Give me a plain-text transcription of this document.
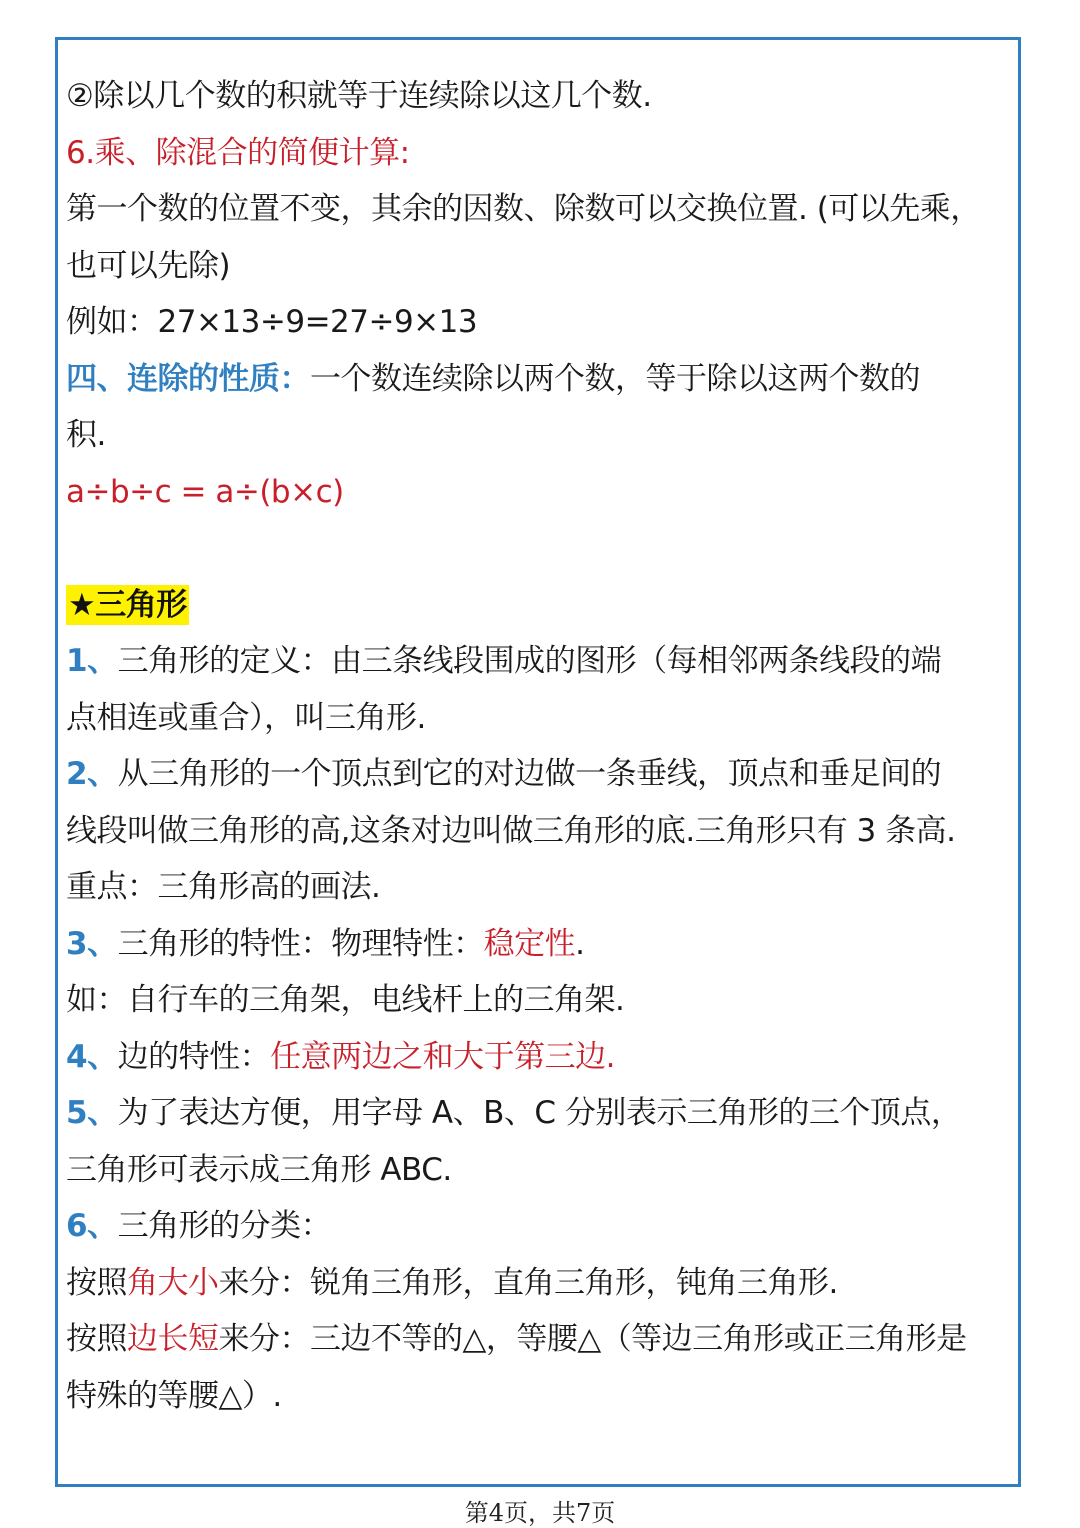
②除以几个数的积就等于连续除以这几个数.
6.乘、除混合的简便计算:
第一个数的位置不变，其余的因数、除数可以交换位置. (可以先乘，
也可以先除)
例如：27×13÷9=27÷9×13
四、连除的性质：一个数连续除以两个数，等于除以这两个数的
积.
a÷b÷c = a÷(b×c)
★三角形
1、三角形的定义：由三条线段围成的图形（每相邻两条线段的端
点相连或重合），叫三角形.
2、从三角形的一个顶点到它的对边做一条垂线，顶点和垂足间的
线段叫做三角形的高,这条对边叫做三角形的底.三角形只有 3 条高.
重点：三角形高的画法.
3、三角形的特性：物理特性：稳定性.
如：自行车的三角架，电线杆上的三角架.
4、边的特性：任意两边之和大于第三边.
5、为了表达方便，用字母 A、B、C 分别表示三角形的三个顶点，
三角形可表示成三角形 ABC.
6、三角形的分类：
按照角大小来分：锐角三角形，直角三角形，钝角三角形.
按照边长短来分：三边不等的△，等腰△（等边三角形或正三角形是
特殊的等腰△）.
第4页，共7页
